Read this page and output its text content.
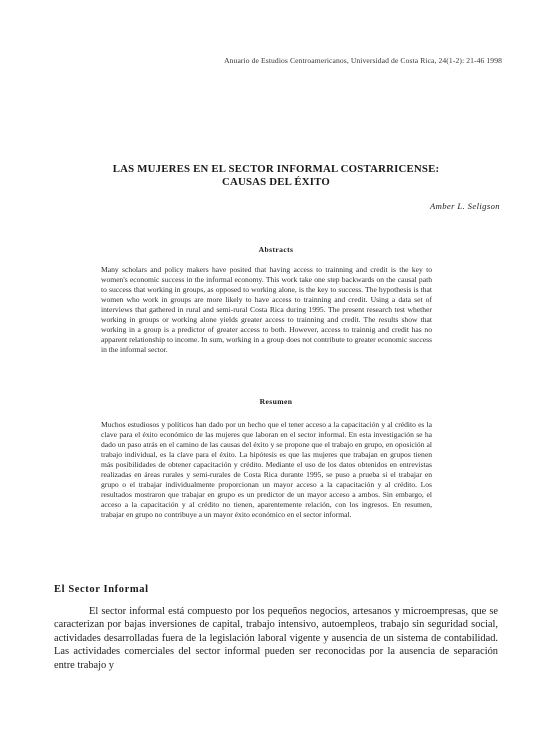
Anuario de Estudios Centroamericanos, Universidad de Costa Rica, 24(1-2): 21-46 1998
LAS MUJERES EN EL SECTOR INFORMAL COSTARRICENSE:
CAUSAS DEL ÉXITO
Amber L. Seligson
Abstracts
Many scholars and policy makers have posited that having access to trainning and credit is the key to women's economic success in the informal economy. This work take one step backwards on the causal path to success that working in groups, as opposed to working alone, is the key to success. The hypothesis is that women who work in groups are more likely to have access to trainning and credit. Using a data set of interviews that gathered in rural and semi-rural Costa Rica during 1995. The present research test whether working in groups or working alone yields greater access to trainning and credit. The results show that working in a group is a predictor of greater access to both. However, access to trainnig and credit has no apparent relationship to income. In sum, working in a group does not contribute to greater economic success in the informal sector.
Resumen
Muchos estudiosos y políticos han dado por un hecho que el tener acceso a la capacitación y al crédito es la clave para el éxito económico de las mujeres que laboran en el sector informal. En esta investigación se ha dado un paso atrás en el camino de las causas del éxito y se propone que el trabajo en grupo, en oposición al trabajo individual, es la clave para el éxito. La hipótesis es que las mujeres que trabajan en grupos tienen más posibilidades de obtener capacitación y crédito. Mediante el uso de los datos obtenidos en entrevistas realizadas en áreas rurales y semi-rurales de Costa Rica durante 1995, se puso a prueba si el trabajar en grupo o el trabajar individualmente proporcionan un mayor acceso a la capacitación y al crédito. Los resultados mostraron que trabajar en grupo es un predictor de un mayor acceso a ambos. Sin embargo, el acceso a la capacitación y al crédito no tienen, aparentemente relación, con los ingresos. En resumen, trabajar en grupo no contribuye a un mayor éxito económico en el sector informal.
El Sector Informal
El sector informal está compuesto por los pequeños negocios, artesanos y microempresas, que se caracterizan por bajas inversiones de capital, trabajo intensivo, autoempleos, trabajo sin seguridad social, actividades desarrolladas fuera de la legislación laboral vigente y ausencia de un sistema de contabilidad. Las actividades comerciales del sector informal pueden ser reconocidas por la ausencia de separación entre trabajo y
